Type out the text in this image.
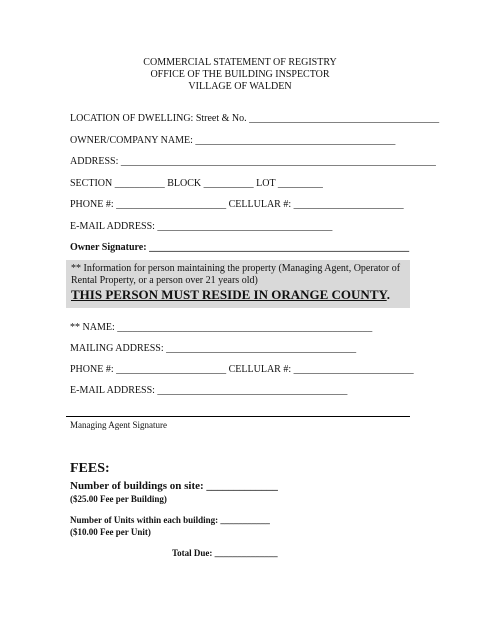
COMMERCIAL STATEMENT OF REGISTRY
OFFICE OF THE BUILDING INSPECTOR
VILLAGE OF WALDEN
LOCATION OF DWELLING: Street & No. ______________________________________
OWNER/COMPANY NAME: ________________________________________
ADDRESS: _______________________________________________________________
SECTION __________ BLOCK __________ LOT _________
PHONE #: ______________________ CELLULAR #: ______________________
E-MAIL ADDRESS: ___________________________________
Owner Signature: ____________________________________________________
** Information for person maintaining the property (Managing Agent, Operator of Rental Property, or a person over 21 years old)
THIS PERSON MUST RESIDE IN ORANGE COUNTY.
** NAME: ___________________________________________________
MAILING ADDRESS: ______________________________________
PHONE #: ______________________ CELLULAR #: ________________________
E-MAIL ADDRESS: ______________________________________
Managing Agent Signature
FEES:
Number of buildings on site: _____________
($25.00 Fee per Building)
Number of Units within each building: ___________
($10.00 Fee per Unit)
Total Due: ______________
